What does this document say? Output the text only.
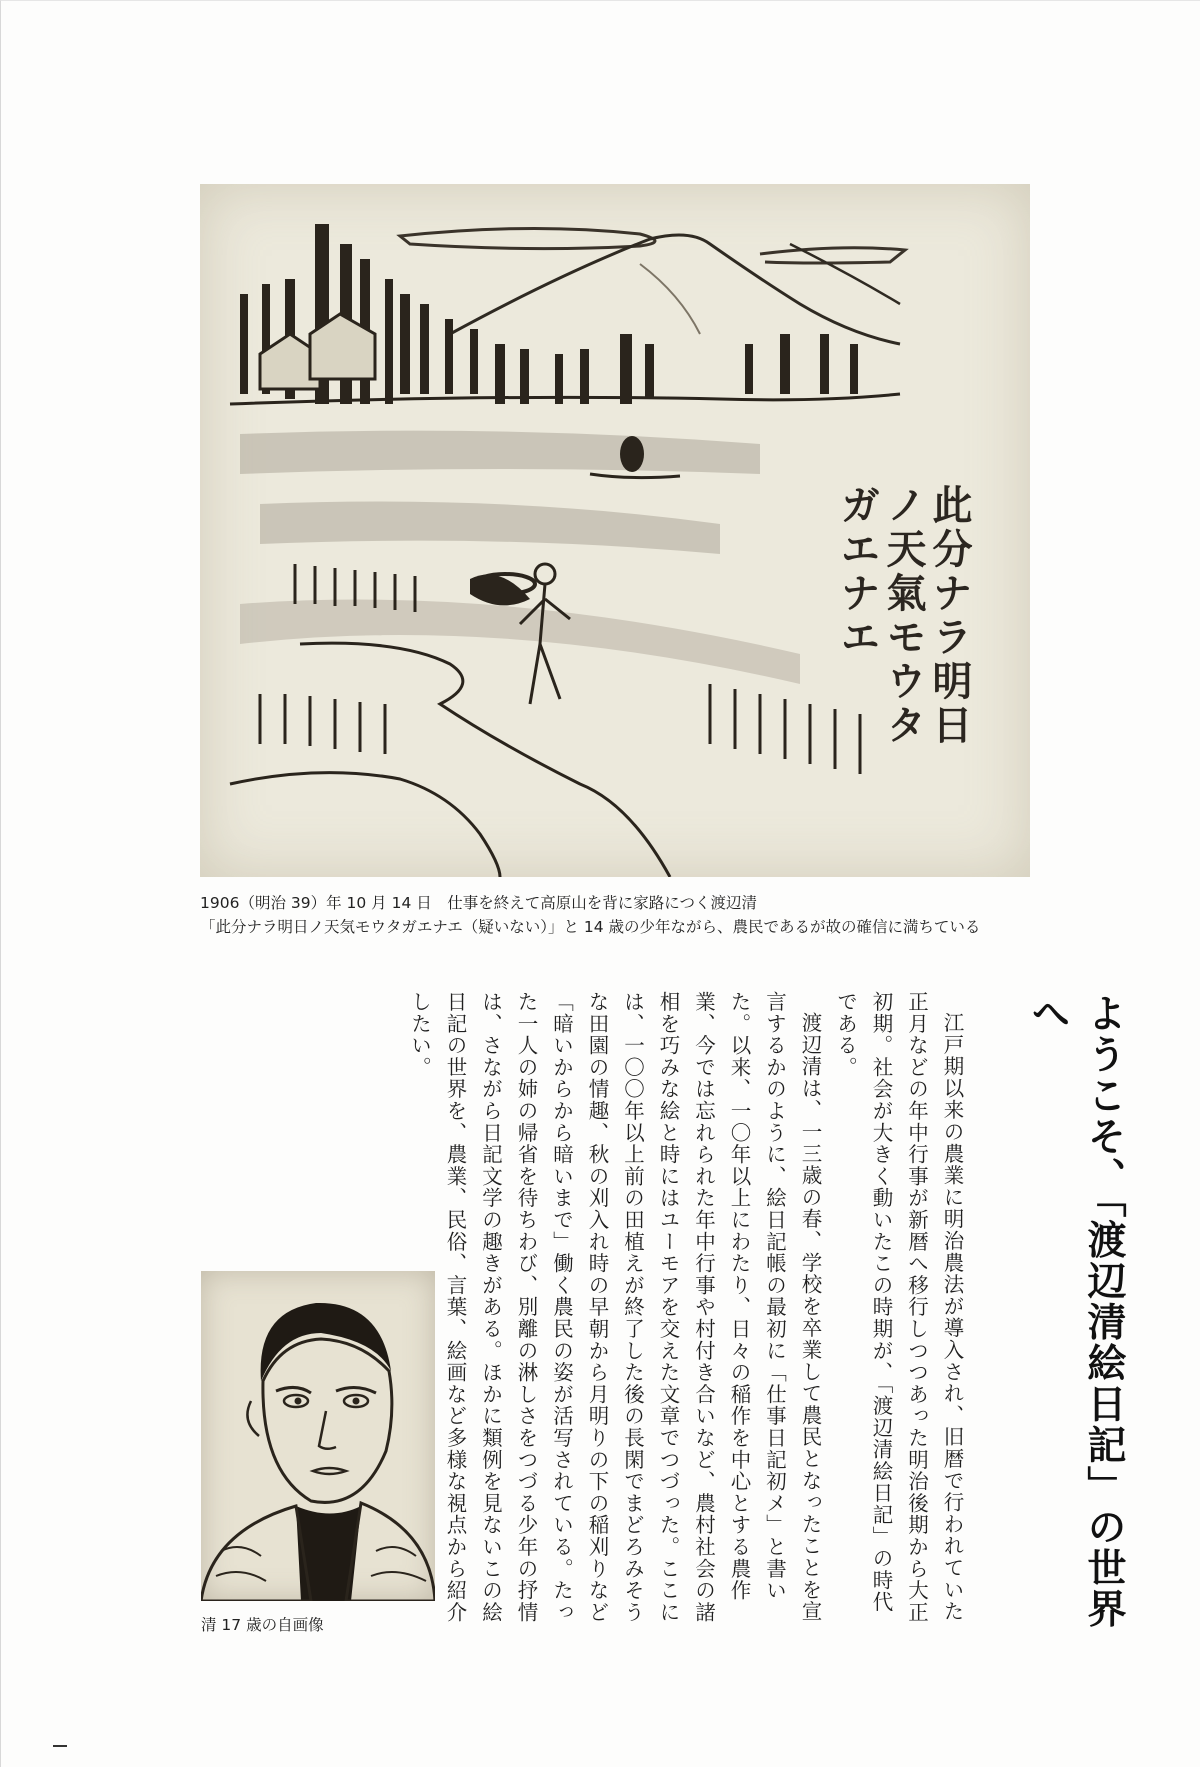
此分ナラ明日ノ天氣モウタガエナエ
1906（明治 39）年 10 月 14 日　仕事を終えて高原山を背に家路につく渡辺清
「此分ナラ明日ノ天気モウタガエナエ（疑いない）」と 14 歳の少年ながら、農民であるが故の確信に満ちている
ようこそ、「渡辺清絵日記」の世界へ

江戸期以来の農業に明治農法が導入され、旧暦で行われていた正月などの年中行事が新暦へ移行しつつあった明治後期から大正初期。社会が大きく動いたこの時期が、「渡辺清絵日記」の時代である。

渡辺清は、一三歳の春、学校を卒業して農民となったことを宣言するかのように、絵日記帳の最初に「仕事日記初メ」と書いた。以来、一〇年以上にわたり、日々の稲作を中心とする農作業、今では忘れられた年中行事や村付き合いなど、農村社会の諸相を巧みな絵と時にはユーモアを交えた文章でつづった。ここには、一〇〇年以上前の田植えが終了した後の長閑でまどろみそうな田園の情趣、秋の刈入れ時の早朝から月明りの下の稲刈りなど「暗いからから暗いまで」働く農民の姿が活写されている。たった一人の姉の帰省を待ちわび、別離の淋しさをつづる少年の抒情は、さながら日記文学の趣きがある。ほかに類例を見ないこの絵日記の世界を、農業、民俗、言葉、絵画など多様な視点から紹介したい。

清 17 歳の自画像
